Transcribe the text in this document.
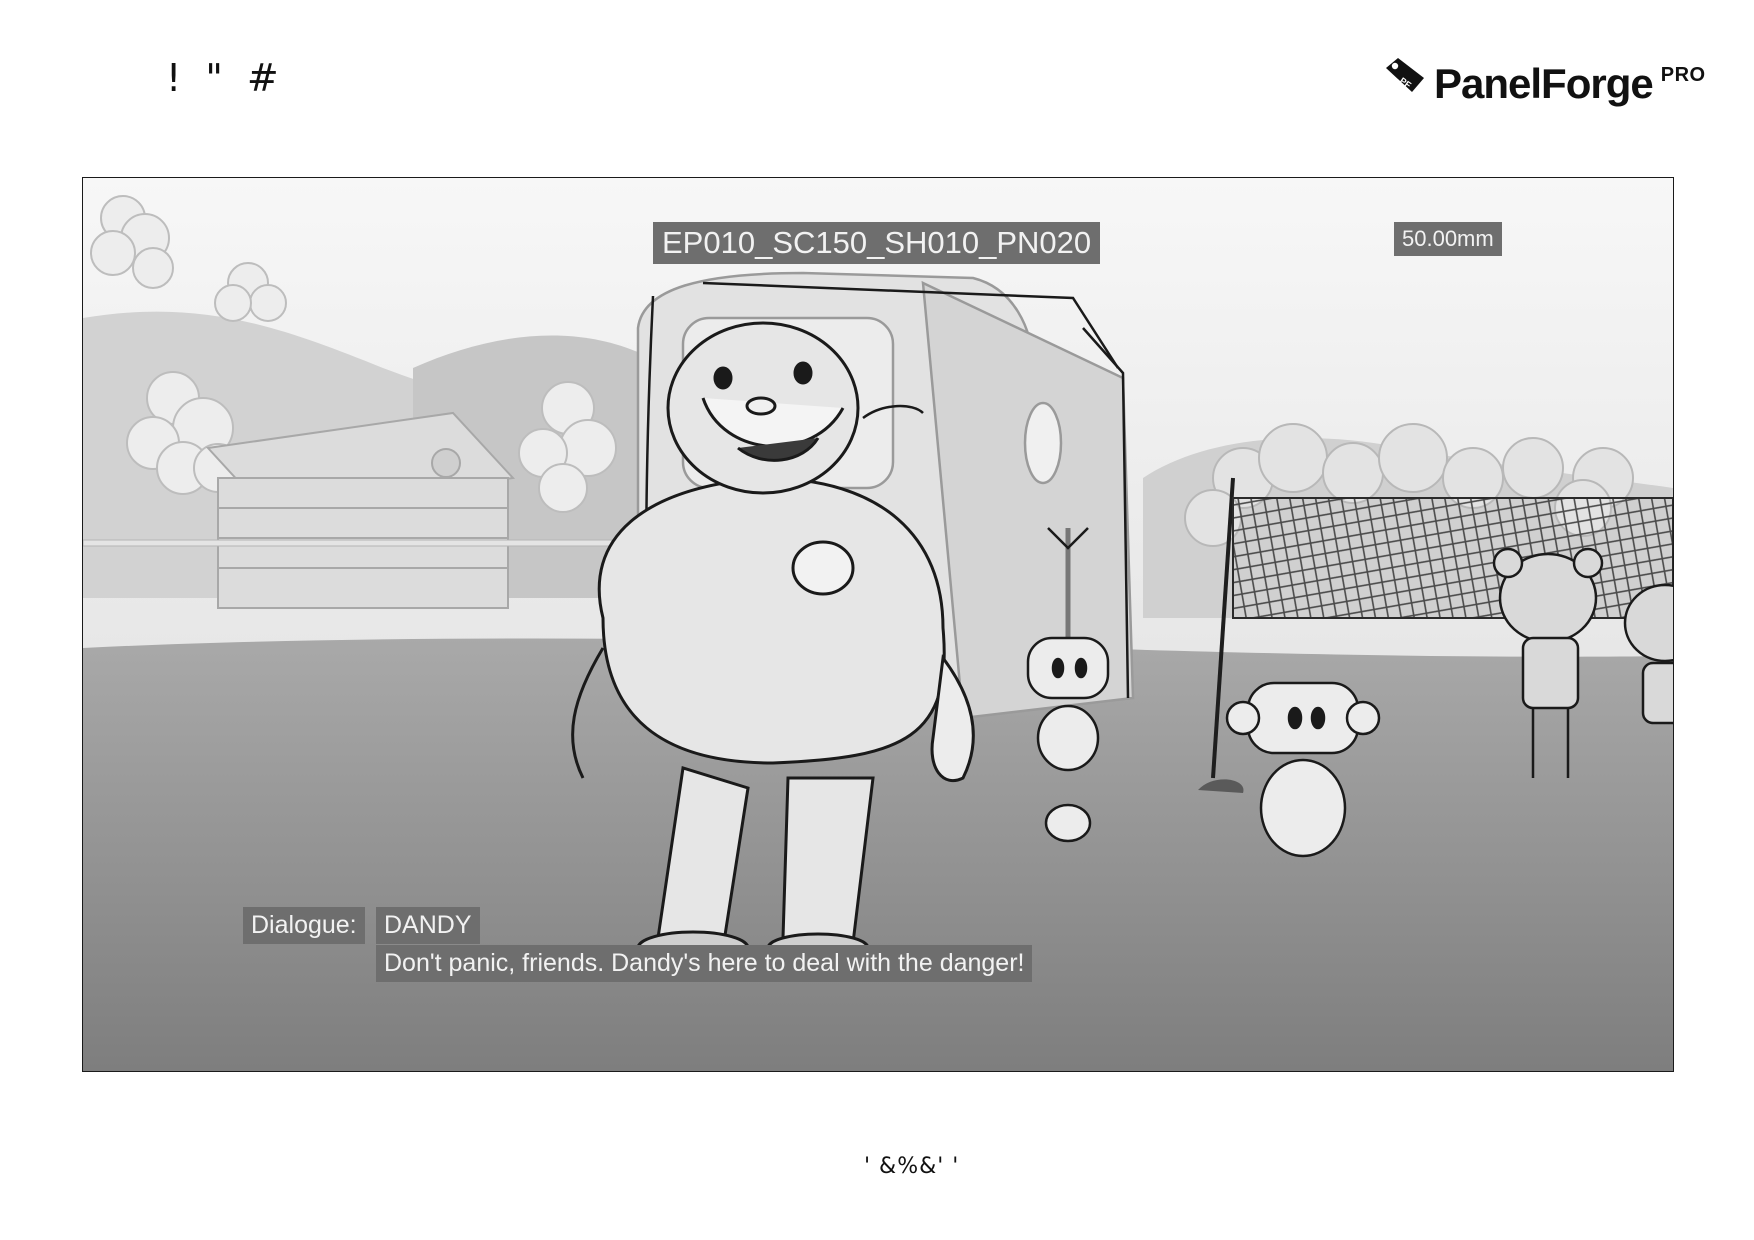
! " #	PF PanelForge PRO
EP010_SC150_SH010_PN020	50.00mm
Dialogue:	DANDY
Don't panic, friends. Dandy's here to deal with the danger!
' &%&' '
